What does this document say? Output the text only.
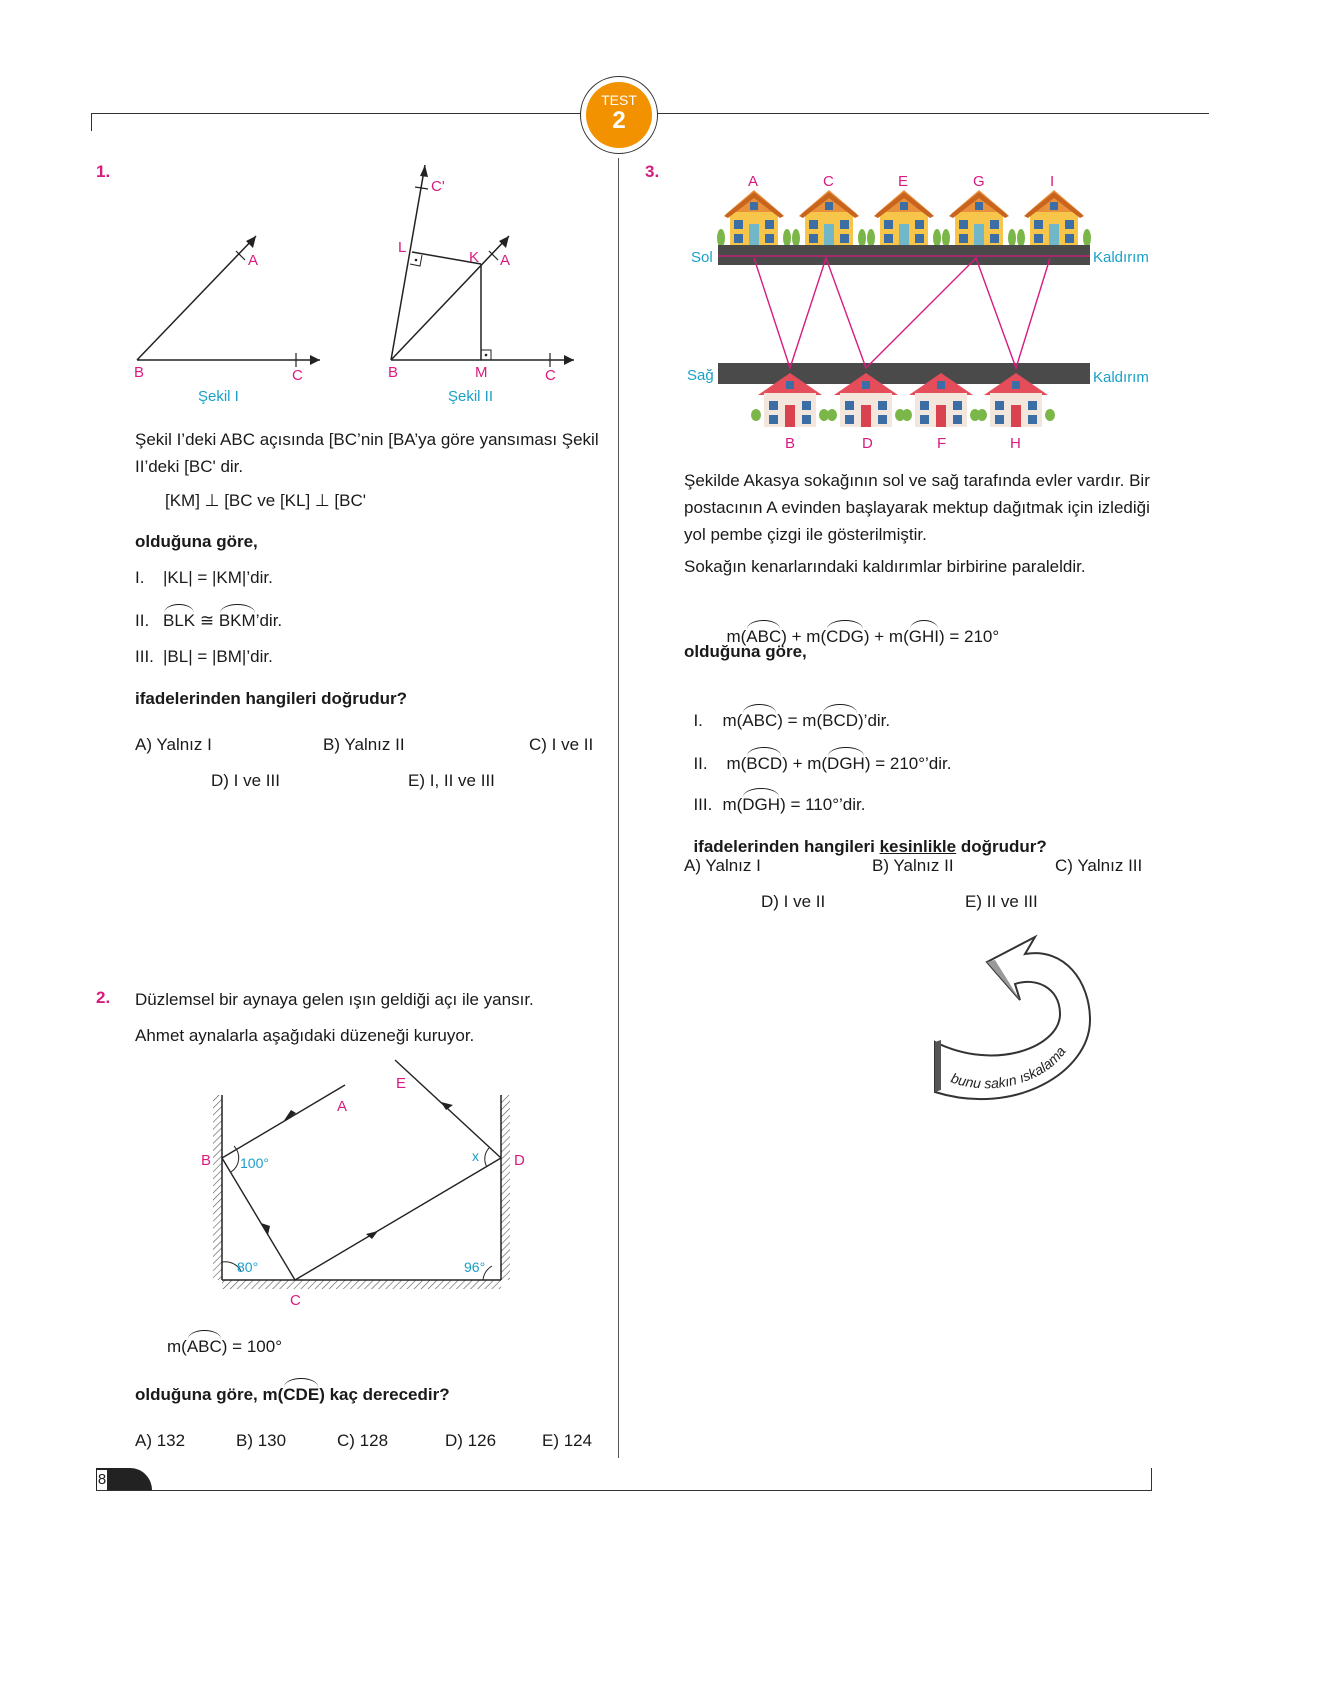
TEST
2
1.
A
B	C
Şekil I
C'
L
K A
B	M	C
Şekil II
Şekil I’deki ABC açısında [BC’nin [BA’ya göre yansıması Şekil II’deki [BC' dir.
[KM] ⊥ [BC ve [KL] ⊥ [BC'
olduğuna göre,
I. |KL| = |KM|’dir.
II. BLK ≅ BKM’dir.
III. |BL| = |BM|’dir.
ifadelerinden hangileri doğrudur?
A) Yalnız I	B) Yalnız II	C) I ve II
D) I ve III	E) I, II ve III
2. Düzlemsel bir aynaya gelen ışın geldiği açı ile yansır.
Ahmet aynalarla aşağıdaki düzeneği kuruyor.
A
B
C
D
E
x
100°
80°	96°
m(ABC) = 100°
olduğuna göre, m(CDE) kaç derecedir?
A) 132	B) 130	C) 128	D) 126	E) 124
3.
A	C	E	G	I
B	D	F	H
Sol	Kaldırım
Sağ	Kaldırım
Şekilde Akasya sokağının sol ve sağ tarafında evler vardır. Bir postacının A evinden başlayarak mektup dağıtmak için izlediği yol pembe çizgi ile gösterilmiştir.
Sokağın kenarlarındaki kaldırımlar birbirine paraleldir.

m(ABC) + m(CDG) + m(GHI) = 210°

olduğuna göre,

I. m(ABC) = m(BCD)’dir.

II. m(BCD) + m(DGH) = 210°’dir.

III. m(DGH) = 110°’dir.

ifadelerinden hangileri kesinlikle doğrudur?

A) Yalnız I	B) Yalnız II	C) Yalnız III
D) I ve II	E) II ve III
bunu sakın ıskalama
8
